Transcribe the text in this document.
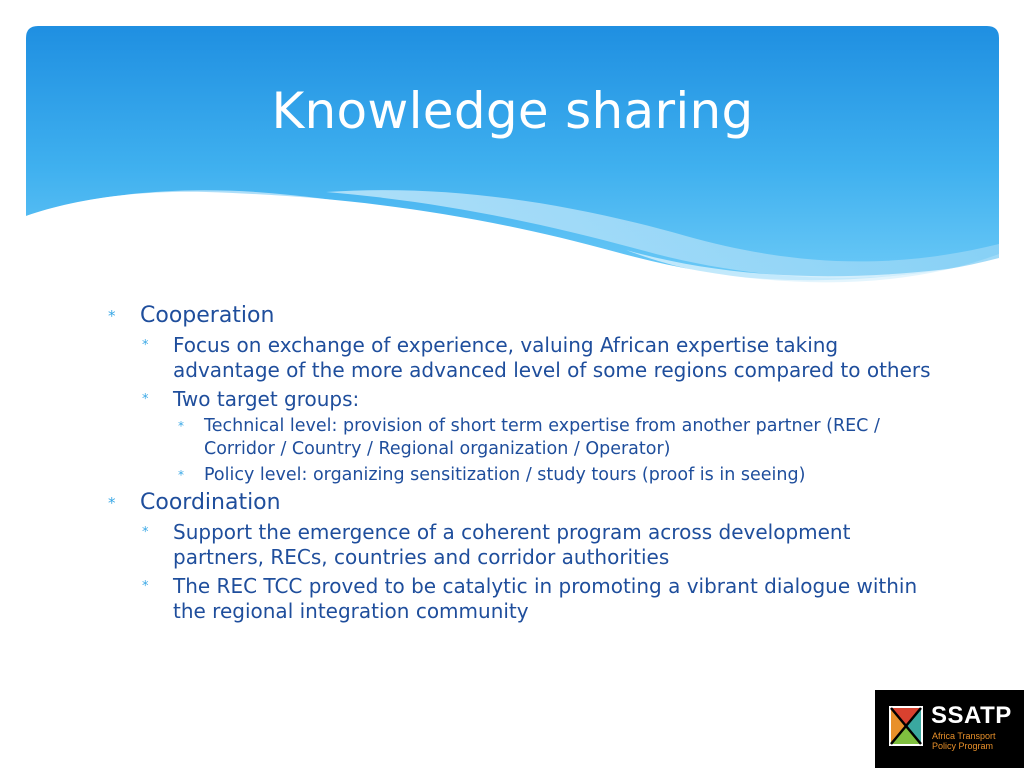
Knowledge sharing
* Cooperation
* Focus on exchange of experience, valuing African expertise taking advantage of the more advanced level of some regions compared to others
* Two target groups:
* Technical level: provision of short term expertise from another partner (REC / Corridor / Country / Regional organization / Operator)
* Policy level: organizing sensitization / study tours (proof is in seeing)
* Coordination
* Support the emergence of a coherent program across development partners, RECs, countries and corridor authorities
* The REC TCC proved to be catalytic in promoting a vibrant dialogue within the regional integration community
SSATP
Africa Transport
Policy Program
